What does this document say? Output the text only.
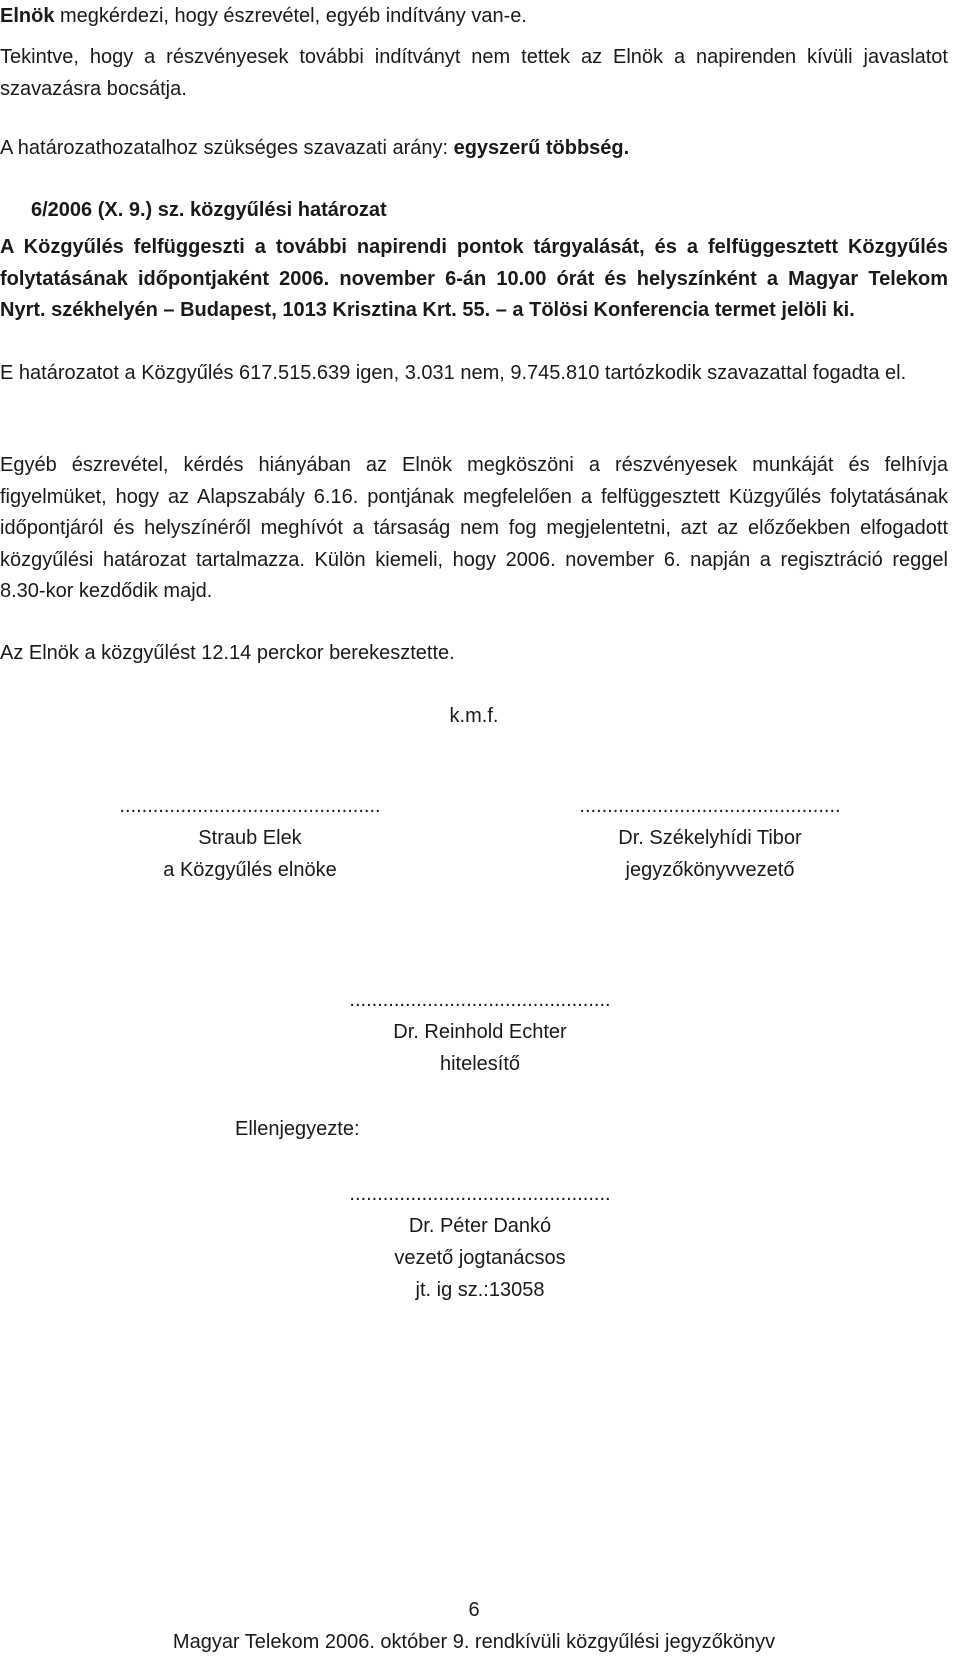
Elnök megkérdezi, hogy észrevétel, egyéb indítvány van-e.
Tekintve, hogy a részvényesek további indítványt nem tettek az Elnök a napirenden kívüli javaslatot szavazásra bocsátja.
A határozathozatalhoz szükséges szavazati arány: egyszerű többség.
6/2006 (X. 9.) sz. közgyűlési határozat
A Közgyűlés felfüggeszti a további napirendi pontok tárgyalását, és a felfüggesztett Közgyűlés folytatásának időpontjaként 2006. november 6-án 10.00 órát és helyszínként a Magyar Telekom Nyrt. székhelyén – Budapest, 1013 Krisztina Krt. 55. – a Tölösi Konferencia termet jelöli ki.
E határozatot a Közgyűlés 617.515.639 igen, 3.031 nem, 9.745.810 tartózkodik szavazattal fogadta el.
Egyéb észrevétel, kérdés hiányában az Elnök megköszöni a részvényesek munkáját és felhívja figyelmüket, hogy az Alapszabály 6.16. pontjának megfelelően a felfüggesztett Küzgyűlés folytatásának időpontjáról és helyszínéről meghívót a társaság nem fog megjelentetni, azt az előzőekben elfogadott közgyűlési határozat tartalmazza. Külön kiemeli, hogy 2006. november 6. napján a regisztráció reggel 8.30-kor kezdődik majd.
Az Elnök a közgyűlést 12.14 perckor berekesztette.
k.m.f.
...............................................
Straub Elek
a Közgyűlés elnöke
...............................................
Dr. Székelyhídi Tibor
jegyzőkönyvvezető
...............................................
Dr. Reinhold Echter
hitelesítő
Ellenjegyezte:
...............................................
Dr. Péter Dankó
vezető jogtanácsos
jt. ig sz.:13058
6
Magyar Telekom 2006. október 9. rendkívüli közgyűlési jegyzőkönyv
